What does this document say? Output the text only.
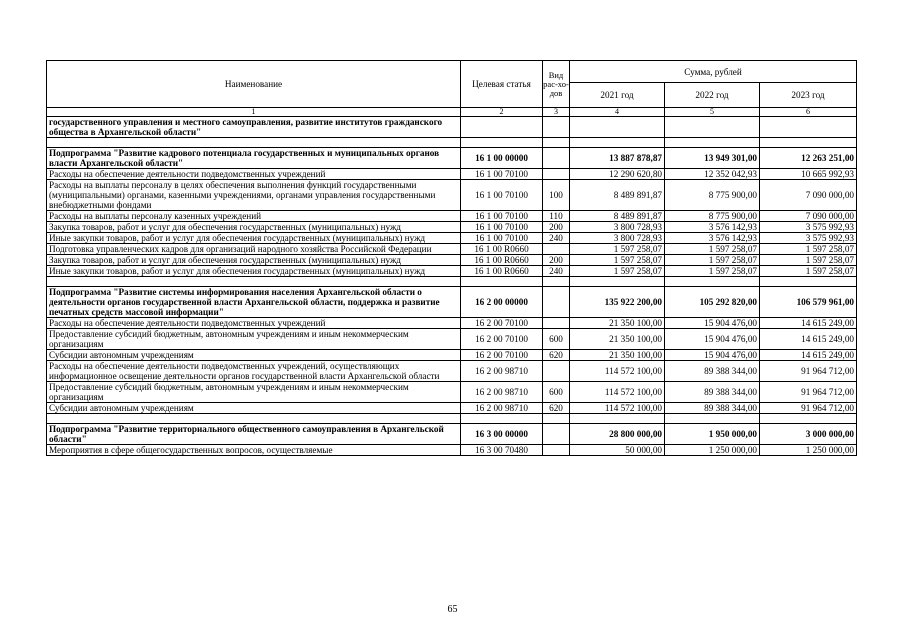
Наименование	Целевая статья	Вид рас-хо-дов	Сумма, рублей		
			2021 год	2022 год	2023 год
1	2	3	4	5	6
государственного управления и местного самоуправления, развитие институтов гражданского общества в Архангельской области"					

Подпрограмма "Развитие кадрового потенциала государственных и муниципальных органов власти Архангельской области"	16 1 00 00000		13 887 878,87	13 949 301,00	12 263 251,00
Расходы на обеспечение деятельности подведомственных учреждений	16 1 00 70100		12 290 620,80	12 352 042,93	10 665 992,93
Расходы на выплаты персоналу в целях обеспечения выполнения функций государственными (муниципальными) органами, казенными учреждениями, органами управления государственными внебюджетными фондами	16 1 00 70100	100	8 489 891,87	8 775 900,00	7 090 000,00
Расходы на выплаты персоналу казенных учреждений	16 1 00 70100	110	8 489 891,87	8 775 900,00	7 090 000,00
Закупка товаров, работ и услуг для обеспечения государственных (муниципальных) нужд	16 1 00 70100	200	3 800 728,93	3 576 142,93	3 575 992,93
Иные закупки товаров, работ и услуг для обеспечения государственных (муниципальных) нужд	16 1 00 70100	240	3 800 728,93	3 576 142,93	3 575 992,93
Подготовка управленческих кадров для организаций народного хозяйства Российской Федерации	16 1 00 R0660		1 597 258,07	1 597 258,07	1 597 258,07
Закупка товаров, работ и услуг для обеспечения государственных (муниципальных) нужд	16 1 00 R0660	200	1 597 258,07	1 597 258,07	1 597 258,07
Иные закупки товаров, работ и услуг для обеспечения государственных (муниципальных) нужд	16 1 00 R0660	240	1 597 258,07	1 597 258,07	1 597 258,07

Подпрограмма "Развитие системы информирования населения Архангельской области о деятельности органов государственной власти Архангельской области, поддержка и развитие печатных средств массовой информации"	16 2 00 00000		135 922 200,00	105 292 820,00	106 579 961,00
Расходы на обеспечение деятельности подведомственных учреждений	16 2 00 70100		21 350 100,00	15 904 476,00	14 615 249,00
Предоставление субсидий бюджетным, автономным учреждениям и иным некоммерческим организациям	16 2 00 70100	600	21 350 100,00	15 904 476,00	14 615 249,00
Субсидии автономным учреждениям	16 2 00 70100	620	21 350 100,00	15 904 476,00	14 615 249,00
Расходы на обеспечение деятельности подведомственных учреждений, осуществляющих информационное освещение деятельности органов государственной власти Архангельской области	16 2 00 98710		114 572 100,00	89 388 344,00	91 964 712,00
Предоставление субсидий бюджетным, автономным учреждениям и иным некоммерческим организациям	16 2 00 98710	600	114 572 100,00	89 388 344,00	91 964 712,00
Субсидии автономным учреждениям	16 2 00 98710	620	114 572 100,00	89 388 344,00	91 964 712,00

Подпрограмма "Развитие территориального общественного самоуправления в Архангельской области"	16 3 00 00000		28 800 000,00	1 950 000,00	3 000 000,00
Мероприятия в сфере общегосударственных вопросов, осуществляемые	16 3 00 70480		50 000,00	1 250 000,00	1 250 000,00
65
